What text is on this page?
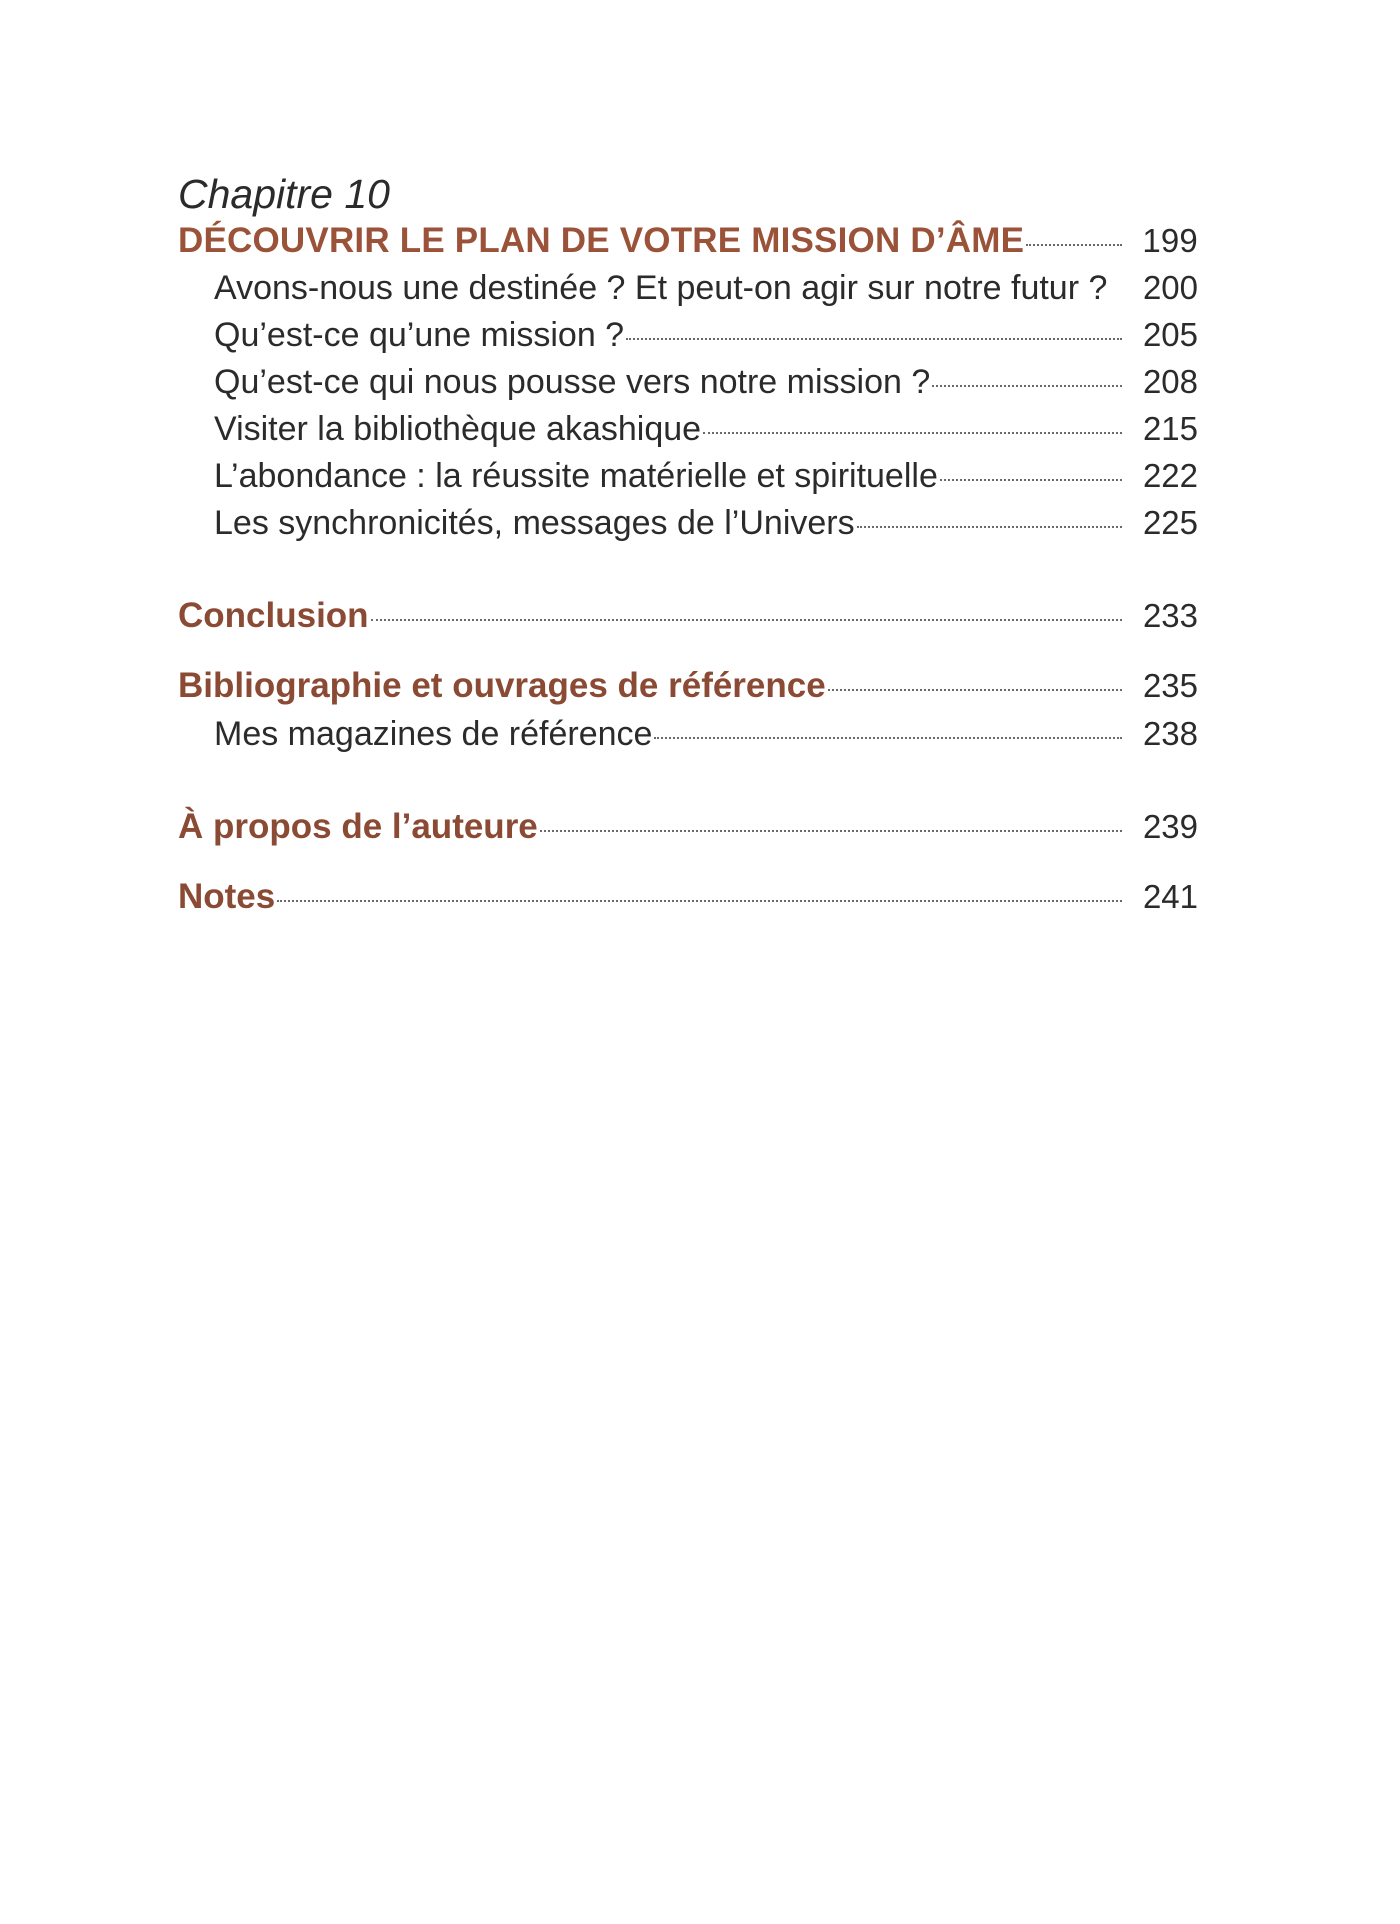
Chapitre 10
DÉCOUVRIR LE PLAN DE VOTRE MISSION D’ÂME	199
Avons-nous une destinée ? Et peut-on agir sur notre futur ?	200
Qu’est-ce qu’une mission ?	205
Qu’est-ce qui nous pousse vers notre mission ?	208
Visiter la bibliothèque akashique	215
L’abondance : la réussite matérielle et spirituelle	222
Les synchronicités, messages de l’Univers	225
Conclusion	233
Bibliographie et ouvrages de référence	235
Mes magazines de référence	238
À propos de l’auteure	239
Notes	241
